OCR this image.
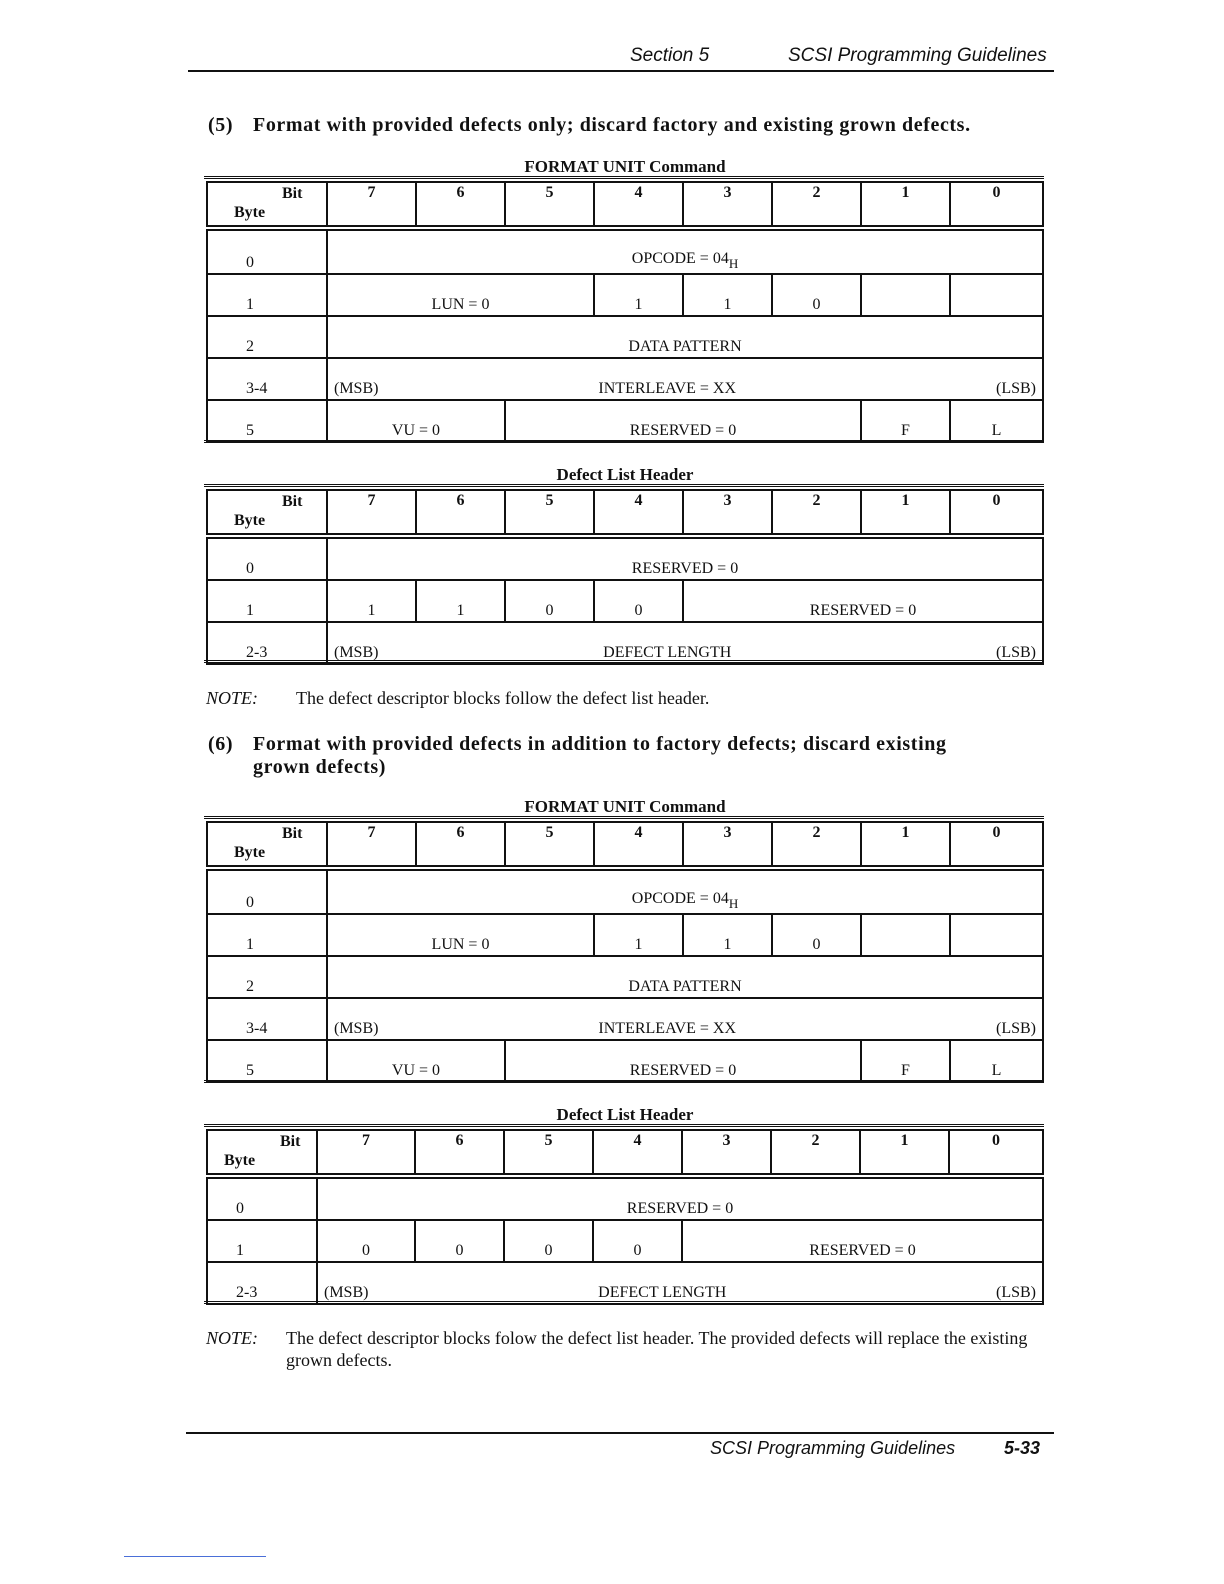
Section 5	SCSI Programming Guidelines
(5) Format with provided defects only; discard factory and existing grown defects.
FORMAT UNIT Command
Bit
Byte	7	6	5	4	3	2	1	0

0	OPCODE = $04_H$
1	LUN = 0			1	1	0		
2	DATA PATTERN							
3-4	(MSB) INTERLEAVE = XX (LSB)							

5	VU = 0		RESERVED = 0				F	L
Defect List Header
Bit
Byte	7	6	5	4	3	2	1	0

0	RESERVED = 0							
1	1	1	0	0	RESERVED = 0			
2-3	(MSB) DEFECT LENGTH (LSB)							
NOTE: The defect descriptor blocks follow the defect list header.
(6) Format with provided defects in addition to factory defects; discard existing
grown defects)
FORMAT UNIT Command
Bit
Byte	7	6	5	4	3	2	1	0

0	OPCODE = $04_H$
1	LUN = 0			1	1	0		
2	DATA PATTERN							
3-4	(MSB) INTERLEAVE = XX (LSB)							

5	VU = 0		RESERVED = 0				F	L
Defect List Header
Bit
Byte	7	6	5	4	3	2	1	0

0	RESERVED = 0							
1	0	0	0	0	RESERVED = 0			
2-3	(MSB) DEFECT LENGTH (LSB)							
NOTE: The defect descriptor blocks folow the defect list header. The provided defects will replace the existing grown defects.
SCSI Programming Guidelines	5-33
